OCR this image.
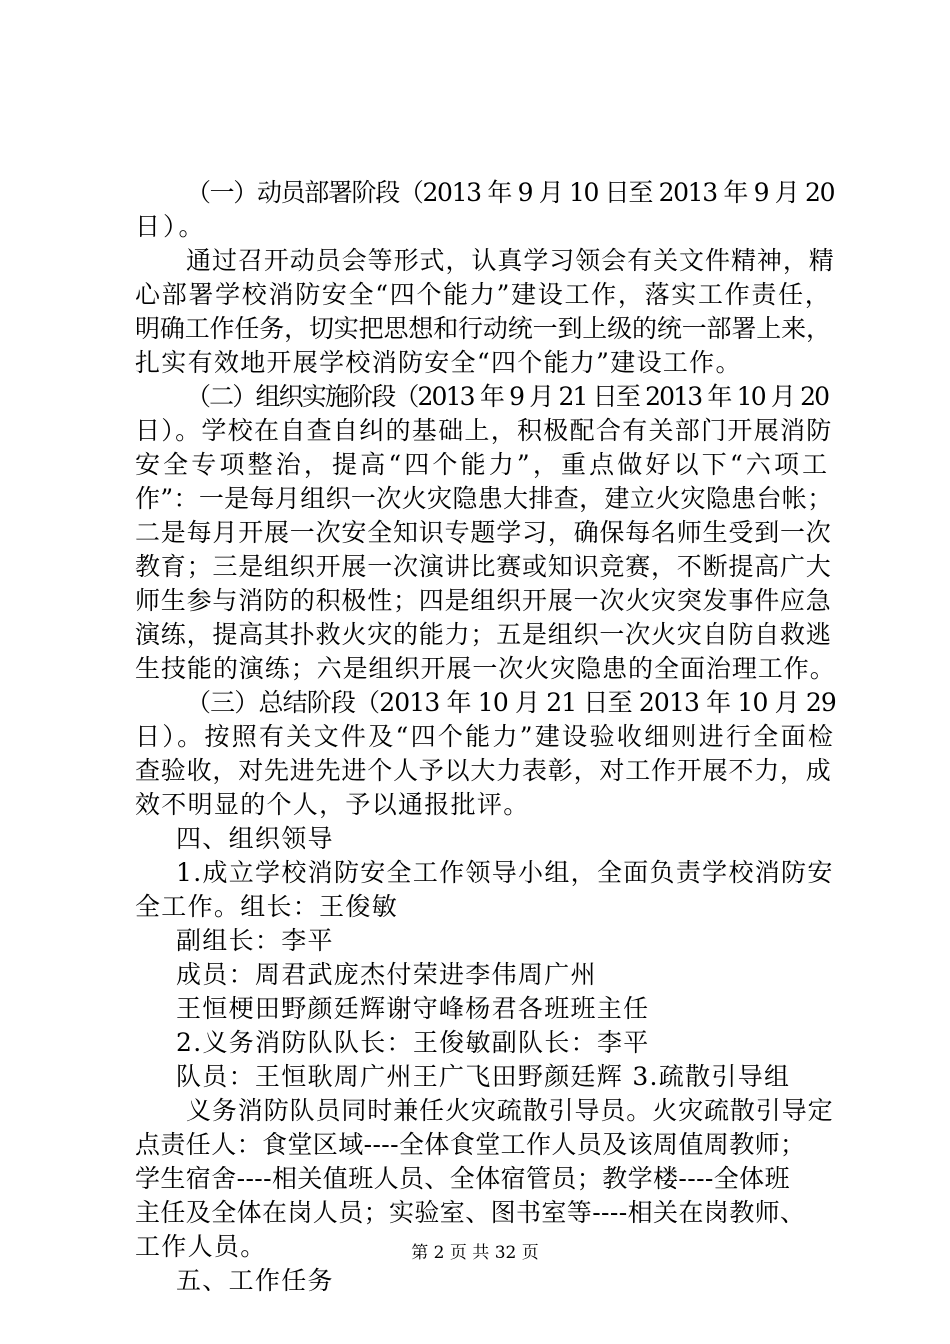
（一）动员部署阶段（2013 年 9 月 10 日至 2013 年 9 月 20
日）。
通过召开动员会等形式，认真学习领会有关文件精神，精
心部署学校消防安全“四个能力”建设工作，落实工作责任，
明确工作任务，切实把思想和行动统一到上级的统一部署上来，
扎实有效地开展学校消防安全“四个能力”建设工作。
（二）组织实施阶段（2013 年 9 月 21 日至 2013 年 10 月 20
日）。学校在自查自纠的基础上，积极配合有关部门开展消防
安全专项整治，提高“四个能力”，重点做好以下“六项工
作”：一是每月组织一次火灾隐患大排查，建立火灾隐患台帐；
二是每月开展一次安全知识专题学习，确保每名师生受到一次
教育；三是组织开展一次演讲比赛或知识竞赛，不断提高广大
师生参与消防的积极性；四是组织开展一次火灾突发事件应急
演练，提高其扑救火灾的能力；五是组织一次火灾自防自救逃
生技能的演练；六是组织开展一次火灾隐患的全面治理工作。
（三）总结阶段（2013 年 10 月 21 日至 2013 年 10 月 29
日）。按照有关文件及“四个能力”建设验收细则进行全面检
查验收，对先进先进个人予以大力表彰，对工作开展不力，成
效不明显的个人，予以通报批评。
四、组织领导
1.成立学校消防安全工作领导小组，全面负责学校消防安
全工作。组长：王俊敏
副组长：李平
成员：周君武庞杰付荣进李伟周广州
王恒梗田野颜廷辉谢守峰杨君各班班主任
2.义务消防队队长：王俊敏副队长：李平
队员：王恒耿周广州王广飞田野颜廷辉 3.疏散引导组
义务消防队员同时兼任火灾疏散引导员。火灾疏散引导定
点责任人：食堂区域----全体食堂工作人员及该周值周教师；
学生宿舍----相关值班人员、全体宿管员；教学楼----全体班
主任及全体在岗人员；实验室、图书室等----相关在岗教师、
工作人员。
五、工作任务
第 2 页 共 32 页
